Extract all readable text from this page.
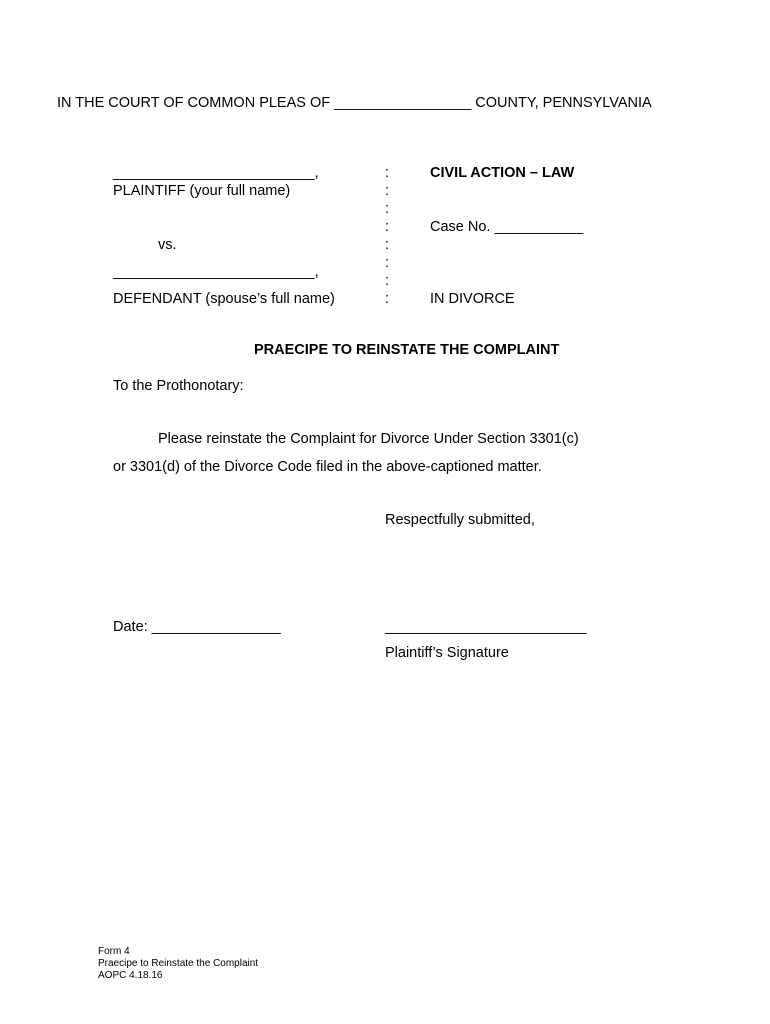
IN THE COURT OF COMMON PLEAS OF _________________ COUNTY, PENNSYLVANIA
_________________________,
PLAINTIFF (your full name)
vs.
_________________________,
DEFENDANT (spouse’s full name)
:
:
:
:
:
:
:
:
CIVIL ACTION – LAW
Case No. ___________
IN DIVORCE
PRAECIPE TO REINSTATE THE COMPLAINT
To the Prothonotary:
Please reinstate the Complaint for Divorce Under Section 3301(c)
or 3301(d) of the Divorce Code filed in the above-captioned matter.
Respectfully submitted,
Date: ________________	_________________________
Plaintiff’s Signature
Form 4
Praecipe to Reinstate the Complaint
AOPC 4.18.16
